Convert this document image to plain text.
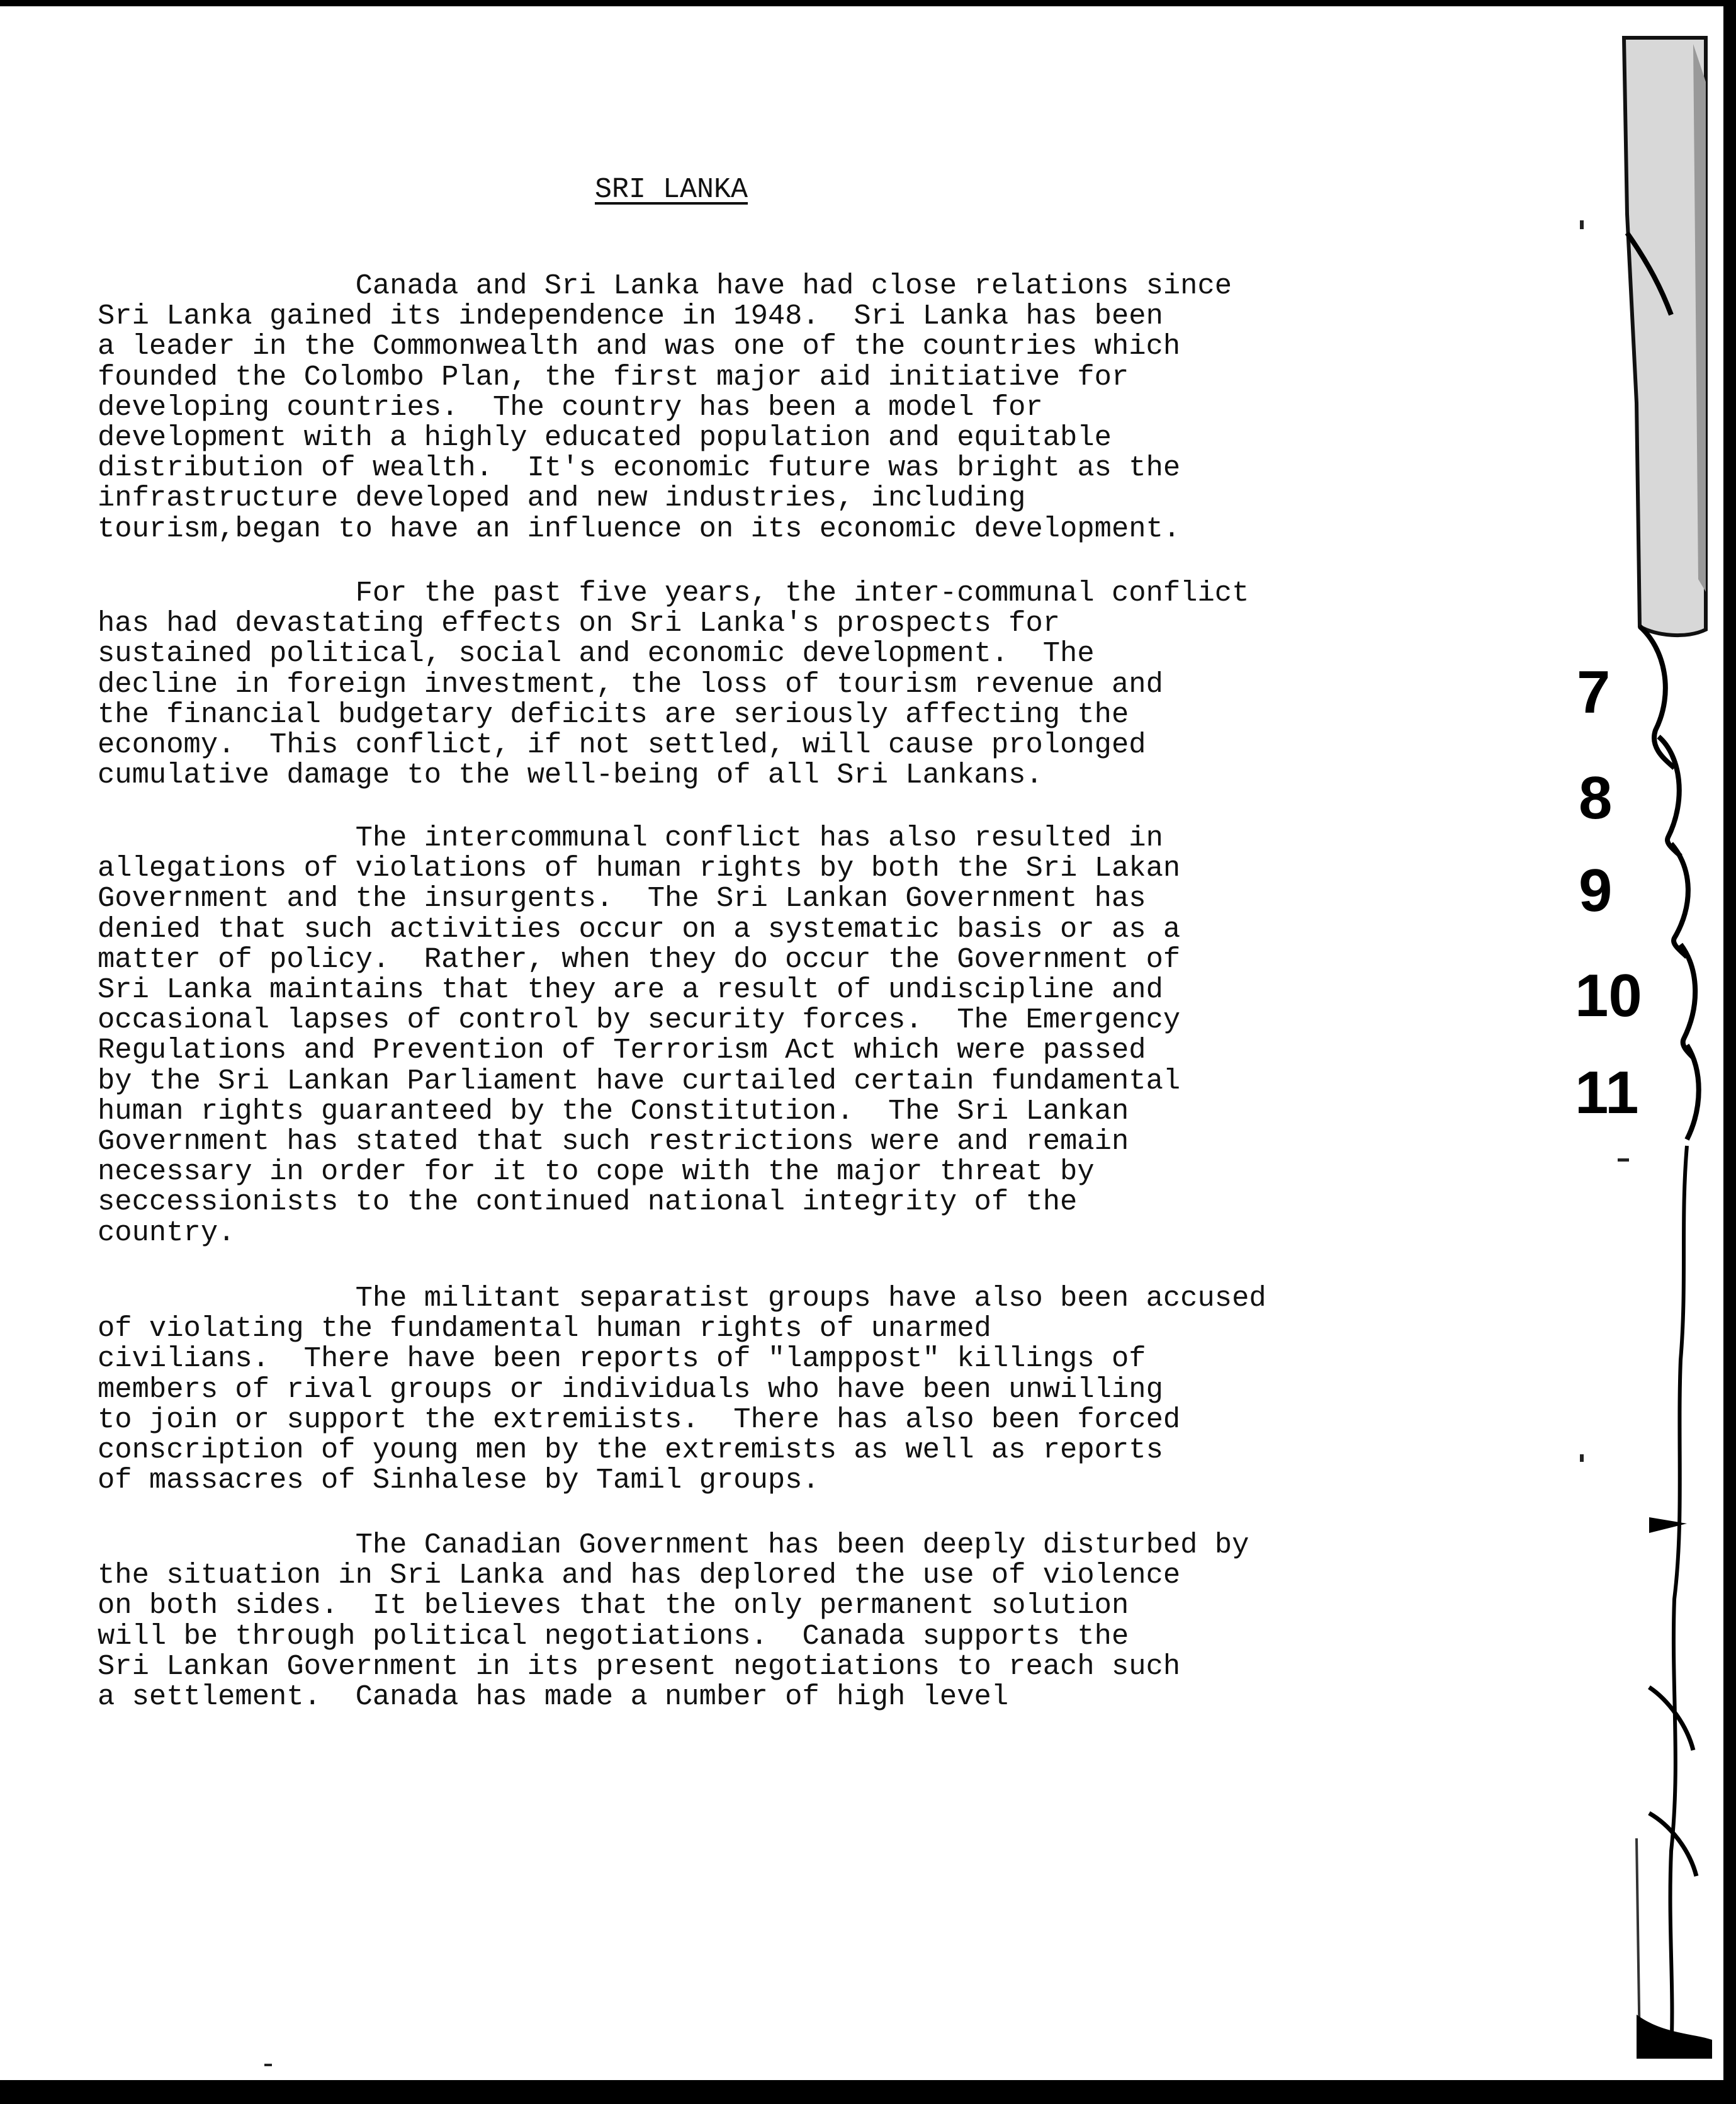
SRI LANKA
Canada and Sri Lanka have had close relations since
Sri Lanka gained its independence in 1948.  Sri Lanka has been
a leader in the Commonwealth and was one of the countries which
founded the Colombo Plan, the first major aid initiative for
developing countries.  The country has been a model for
development with a highly educated population and equitable
distribution of wealth.  It's economic future was bright as the
infrastructure developed and new industries, including
tourism,began to have an influence on its economic development.
For the past five years, the inter-communal conflict
has had devastating effects on Sri Lanka's prospects for
sustained political, social and economic development.  The
decline in foreign investment, the loss of tourism revenue and
the financial budgetary deficits are seriously affecting the
economy.  This conflict, if not settled, will cause prolonged
cumulative damage to the well-being of all Sri Lankans.
The intercommunal conflict has also resulted in
allegations of violations of human rights by both the Sri Lakan
Government and the insurgents.  The Sri Lankan Government has
denied that such activities occur on a systematic basis or as a
matter of policy.  Rather, when they do occur the Government of
Sri Lanka maintains that they are a result of undiscipline and
occasional lapses of control by security forces.  The Emergency
Regulations and Prevention of Terrorism Act which were passed
by the Sri Lankan Parliament have curtailed certain fundamental
human rights guaranteed by the Constitution.  The Sri Lankan
Government has stated that such restrictions were and remain
necessary in order for it to cope with the major threat by
seccessionists to the continued national integrity of the
country.
The militant separatist groups have also been accused
of violating the fundamental human rights of unarmed
civilians.  There have been reports of "lamppost" killings of
members of rival groups or individuals who have been unwilling
to join or support the extremiists.  There has also been forced
conscription of young men by the extremists as well as reports
of massacres of Sinhalese by Tamil groups.
The Canadian Government has been deeply disturbed by
the situation in Sri Lanka and has deplored the use of violence
on both sides.  It believes that the only permanent solution
will be through political negotiations.  Canada supports the
Sri Lankan Government in its present negotiations to reach such
a settlement.  Canada has made a number of high level
7
8
9
10
11
